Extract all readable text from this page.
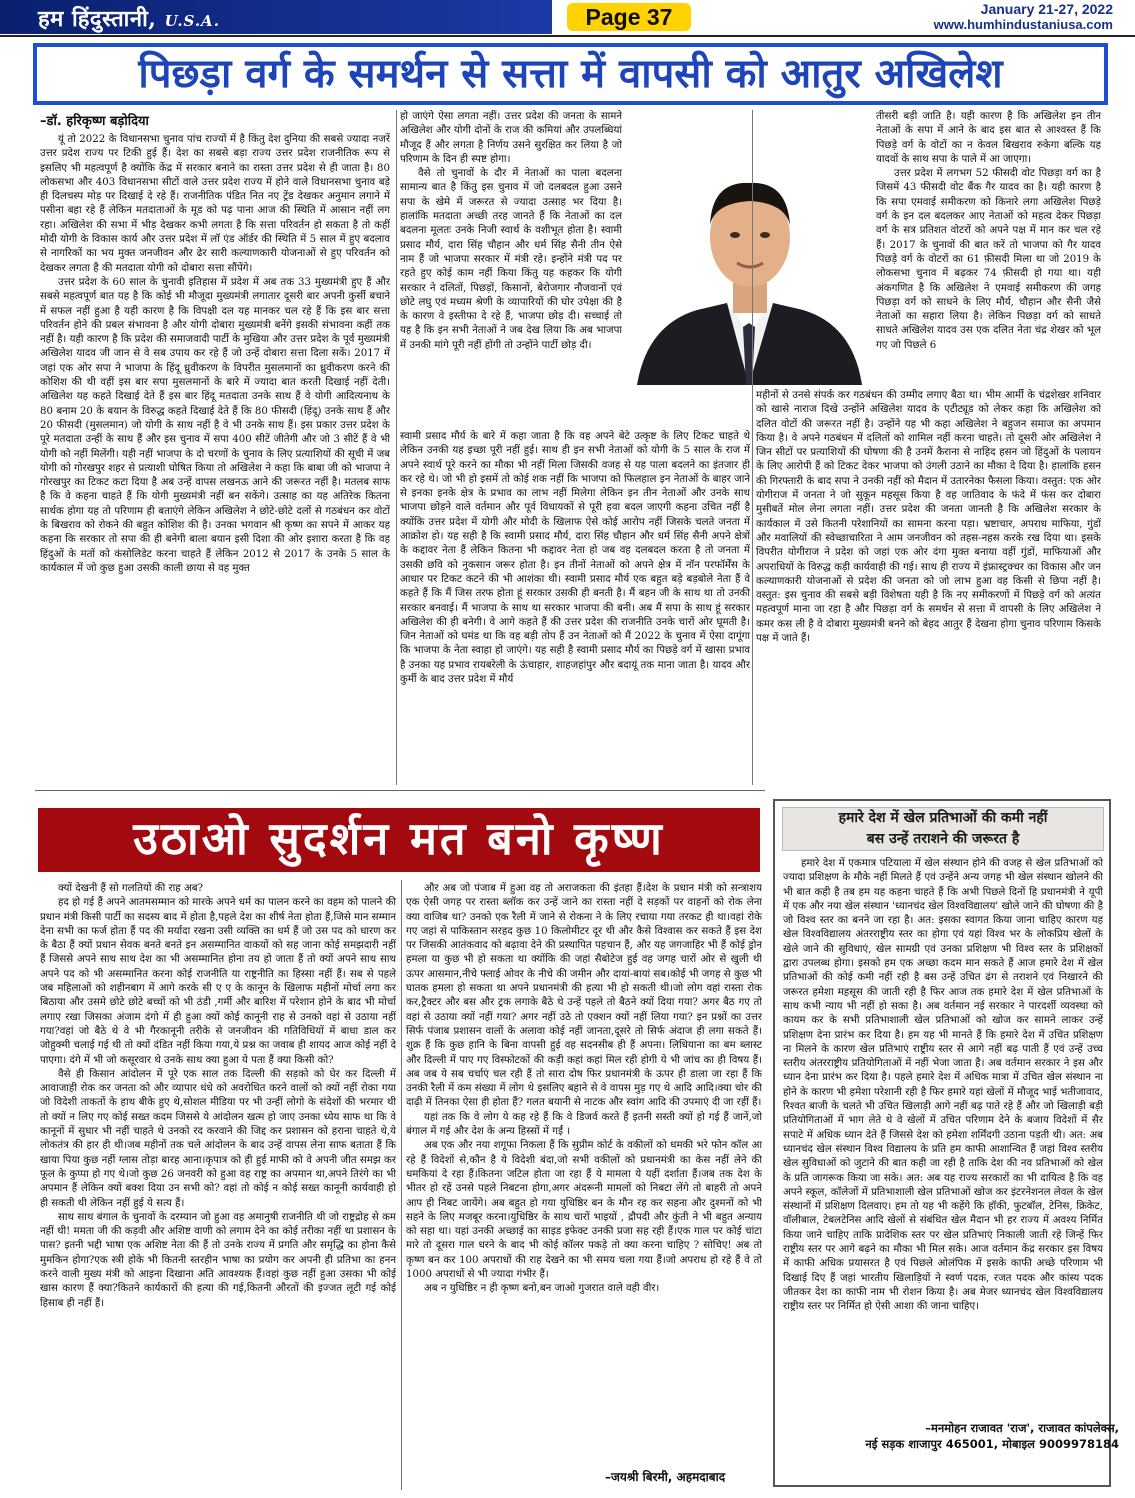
हम हिंदुस्तानी, U.S.A.	Page 37	January 21-27, 2022
www.humhindustaniusa.com
पिछड़ा वर्ग के समर्थन से सत्ता में वापसी को आतुर अखिलेश
–डॉ. हरिकृष्ण बड़ोदिया

यूं तो 2022 के विधानसभा चुनाव पांच राज्यों में है किंतु देश दुनिया की सबसे ज्यादा नजरें उत्तर प्रदेश राज्य पर टिकी हुई हैं। देश का सबसे बड़ा राज्य उत्तर प्रदेश राजनीतिक रूप से इसलिए भी महत्वपूर्ण है क्योंकि केंद्र में सरकार बनाने का रास्ता उत्तर प्रदेश से ही जाता है। 80 लोकसभा और 403 विधानसभा सीटों वाले उत्तर प्रदेश राज्य में होने वाले विधानसभा चुनाव बड़े ही दिलचस्प मोड़ पर दिखाई दे रहे हैं। राजनीतिक पंडित नित नए ट्रेंड देखकर अनुमान लगाने में पसीना बहा रहे हैं लेकिन मतदाताओं के मूड को पढ़ पाना आज की स्थिति में आसान नहीं लग रहा। अखिलेश की सभा में भीड़ देखकर कभी लगता है कि सत्ता परिवर्तन हो सकता है तो कहीं मोदी योगी के विकास कार्य और उत्तर प्रदेश में लॉ एंड ऑर्डर की स्थिति में 5 साल में हुए बदलाव से नागरिकों का भय मुक्त जनजीवन और ढेर सारी कल्याणकारी योजनाओं से हुए परिवर्तन को देखकर लगता है की मतदाता योगी को दोबारा सत्ता सौंपेंगे।

उत्तर प्रदेश के 60 साल के चुनावी इतिहास में प्रदेश में अब तक 33 मुख्यमंत्री हुए हैं और सबसे महत्वपूर्ण बात यह है कि कोई भी मौजूदा मुख्यमंत्री लगातार दूसरी बार अपनी कुर्सी बचाने में सफल नहीं हुआ है यही कारण है कि विपक्षी दल यह मानकर चल रहे हैं कि इस बार सत्ता परिवर्तन होने की प्रबल संभावना है और योगी दोबारा मुख्यमंत्री बनेंगे इसकी संभावना कहीं तक नहीं है। यही कारण है कि प्रदेश की समाजवादी पार्टी के मुखिया और उत्तर प्रदेश के पूर्व मुख्यमंत्री अखिलेश यादव जी जान से वे सब उपाय कर रहे हैं जो उन्हें दोबारा सत्ता दिला सकें। 2017 में जहां एक ओर सपा ने भाजपा के हिंदू ध्रुवीकरण के विपरीत मुसलमानों का ध्रुवीकरण करने की कोशिश की थी वहीं इस बार सपा मुसलमानों के बारे में ज्यादा बात करती दिखाई नहीं देती। अखिलेश यह कहते दिखाई देते हैं इस बार हिंदू मतदाता उनके साथ हैं वे योगी आदित्यनाथ के 80 बनाम 20 के बयान के विरुद्ध कहते दिखाई देते हैं कि 80 फीसदी (हिंदू) उनके साथ हैं और 20 फीसदी (मुसलमान) जो योगी के साथ नहीं है वे भी उनके साथ हैं। इस प्रकार उत्तर प्रदेश के पूरे मतदाता उन्हीं के साथ हैं और इस चुनाव में सपा 400 सीटें जीतेगी और जो 3 सीटें हैं वे भी योगी को नहीं मिलेंगी। यही नहीं भाजपा के दो चरणों के चुनाव के लिए प्रत्याशियों की सूची में जब योगी को गोरखपुर शहर से प्रत्याशी घोषित किया तो अखिलेश ने कहा कि बाबा जी को भाजपा ने गोरखपुर का टिकट कटा दिया है अब उन्हें वापस लखनऊ आने की जरूरत नहीं है। मतलब साफ है कि वे कहना चाहते हैं कि योगी मुख्यमंत्री नहीं बन सकेंगे। उत्साह का यह अतिरेक कितना सार्थक होगा यह तो परिणाम ही बताएंगे लेकिन अखिलेश ने छोटे-छोटे दलों से गठबंधन कर वोटों के बिखराव को रोकने की बहुत कोशिश की है। उनका भगवान श्री कृष्ण का सपने में आकर यह कहना कि सरकार तो सपा की ही बनेगी बाला बयान इसी दिशा की ओर इशारा करता है कि वह हिंदुओं के मतों को कंसोलिडेट करना चाहते हैं लेकिन 2012 से 2017 के उनके 5 साल के कार्यकाल में जो कुछ हुआ उसकी काली छाया से वह मुक्त

हो जाएंगे ऐसा लगता नहीं। उत्तर प्रदेश की जनता के सामने अखिलेश और योगी दोनों के राज की कमियां और उपलब्धियां मौजूद हैं और लगता है निर्णय उसने सुरक्षित कर लिया है जो परिणाम के दिन ही स्पष्ट होगा।

वैसे तो चुनावों के दौर में नेताओं का पाला बदलना सामान्य बात है किंतु इस चुनाव में जो दलबदल हुआ उसने सपा के खेमे में जरूरत से ज्यादा उत्साह भर दिया है। हालांकि मतदाता अच्छी तरह जानते हैं कि नेताओं का दल बदलना मूलतः उनके निजी स्वार्थ के वशीभूत होता है। स्वामी प्रसाद मौर्य, दारा सिंह चौहान और धर्म सिंह सैनी तीन ऐसे नाम हैं जो भाजपा सरकार में मंत्री रहे। इन्होंने मंत्री पद पर रहते हुए कोई काम नहीं किया किंतु यह कहकर कि योगी सरकार ने दलितों, पिछड़ों, किसानों, बेरोजगार नौजवानों एवं छोटे लघु एवं मध्यम श्रेणी के व्यापारियों की घोर उपेक्षा की है के कारण वे इस्तीफा दे रहे हैं, भाजपा छोड़ दी। सच्चाई तो यह है कि इन सभी नेताओं ने जब देख लिया कि अब भाजपा में उनकी मांगे पूरी नहीं होंगी तो उन्होंने पार्टी छोड़ दी।

स्वामी प्रसाद मौर्य के बारे में कहा जाता है कि वह अपने बेटे उत्कृष्ट के लिए टिकट चाहते थे लेकिन उनकी यह इच्छा पूरी नहीं हुई। साथ ही इन सभी नेताओं को योगी के 5 साल के राज में अपने स्वार्थ पूरे करने का मौका भी नहीं मिला जिसकी वजह से यह पाला बदलने का इंतजार ही कर रहे थे। जो भी हो इसमें तो कोई शक नहीं कि भाजपा को फिलहाल इन नेताओं के बाहर जाने से इनका इनके क्षेत्र के प्रभाव का लाभ नहीं मिलेगा लेकिन इन तीन नेताओं और उनके साथ भाजपा छोड़ने वाले वर्तमान और पूर्व विधायकों से पूरी हवा बदल जाएगी कहना उचित नहीं है क्योंकि उत्तर प्रदेश में योगी और मोदी के खिलाफ ऐसे कोई आरोप नहीं जिसके चलते जनता में आक्रोश हो। यह सही है कि स्वामी प्रसाद मौर्य, दारा सिंह चौहान और धर्म सिंह सैनी अपने क्षेत्रों के कद्दावर नेता हैं लेकिन कितना भी कद्दावर नेता हो जब वह दलबदल करता है तो जनता में उसकी छवि को नुकसान जरूर होता है। इन तीनों नेताओं को अपने क्षेत्र में नॉन परफॉर्मेंस के आधार पर टिकट कटने की भी आशंका थी। स्वामी प्रसाद मौर्य एक बहुत बड़े बड़बोले नेता हैं वे कहते हैं कि मैं जिस तरफ होता हूं सरकार उसकी ही बनती है। मैं बहन जी के साथ था तो उनकी सरकार बनवाई। मैं भाजपा के साथ था सरकार भाजपा की बनी। अब मैं सपा के साथ हूं सरकार अखिलेश की ही बनेगी। वे आगे कहते हैं की उत्तर प्रदेश की राजनीति उनके चारों ओर घूमती है। जिन नेताओं को घमंड था कि वह बड़ी तोप हैं उन नेताओं को मैं 2022 के चुनाव में ऐसा दागूंगा कि भाजपा के नेता स्वाहा हो जाएंगे। यह सही है स्वामी प्रसाद मौर्य का पिछड़े वर्ग में खासा प्रभाव है उनका यह प्रभाव रायबरेली के ऊंचाहार, शाहजहांपुर और बदायूं तक माना जाता है। यादव और कुर्मी के बाद उत्तर प्रदेश में मौर्य

तीसरी बड़ी जाति है। यही कारण है कि अखिलेश इन तीन नेताओं के सपा में आने के बाद इस बात से आश्वस्त हैं कि पिछड़े वर्ग के वोटों का न केवल बिखराव रुकेगा बल्कि यह यादवों के साथ सपा के पाले में आ जाएगा।

उत्तर प्रदेश में लगभग 52 फीसदी वोट पिछड़ा वर्ग का है जिसमें 43 फीसदी वोट बैंक गैर यादव का है। यही कारण है कि सपा एमवाई समीकरण को किनारे लगा अखिलेश पिछड़े वर्ग के इन दल बदलकर आए नेताओं को महत्व देकर पिछड़ा वर्ग के सत्र प्रतिशत वोटरों को अपने पक्ष में मान कर चल रहे हैं। 2017 के चुनावों की बात करें तो भाजपा को गैर यादव पिछड़े वर्ग के वोटरों का 61 फ़ीसदी मिला था जो 2019 के लोकसभा चुनाव में बढ़कर 74 फ़ीसदी हो गया था। यही अंकगणित है कि अखिलेश ने एमवाई समीकरण की जगह पिछड़ा वर्ग को साधने के लिए मौर्य, चौहान और सैनी जैसे नेताओं का सहारा लिया है। लेकिन पिछड़ा वर्ग को साधते साधते अखिलेश यादव उस एक दलित नेता चंद्र शेखर को भूल गए जो पिछले 6

महीनों से उनसे संपर्क कर गठबंधन की उम्मीद लगाए बैठा था। भीम आर्मी के चंद्रशेखर शनिवार को खासे नाराज दिखे उन्होंने अखिलेश यादव के एटीट्यूड को लेकर कहा कि अखिलेश को दलित वोटों की जरूरत नहीं है। उन्होंने यह भी कहा अखिलेश ने बहुजन समाज का अपमान किया है। वे अपने गठबंधन में दलितों को शामिल नहीं करना चाहते। तो दूसरी ओर अखिलेश ने जिन सीटों पर प्रत्याशियों की घोषणा की है उनमें कैराना से नाहिद हसन जो हिंदुओं के पलायन के लिए आरोपी हैं को टिकट देकर भाजपा को उंगली उठाने का मौका दे दिया है। हालांकि हसन की गिरफ्तारी के बाद सपा ने उनकी नहीं को मैदान में उतारनेका फैसला किया। वस्तुत: एक ओर योगीराज में जनता ने जो सुकून महसूस किया है वह जातिवाद के फंदे में फंस कर दोबारा मुसीबतें मोल लेना लगता नहीं। उत्तर प्रदेश की जनता जानती है कि अखिलेश सरकार के कार्यकाल में उसे कितनी परेशानियों का सामना करना पड़ा। भ्रष्टाचार, अपराध माफिया, गुंडों और मवालियों की स्वेच्छाचारिता ने आम जनजीवन को तहस-नहस करके रख दिया था। इसके विपरीत योगीराज ने प्रदेश को जहां एक ओर दंगा मुक्त बनाया वहीं गुंडों, माफियाओं और अपराधियों के विरुद्ध कड़ी कार्यवाही की गई। साथ ही राज्य में इंफ्रास्ट्रक्चर का विकास और जन कल्याणकारी योजनाओं से प्रदेश की जनता को जो लाभ हुआ वह किसी से छिपा नहीं है। वस्तुत: इस चुनाव की सबसे बड़ी विशेषता यही है कि नए समीकरणों में पिछड़े वर्ग को अत्यंत महत्वपूर्ण माना जा रहा है और पिछड़ा वर्ग के समर्थन से सत्ता में वापसी के लिए अखिलेश ने कमर कस ली है वे दोबारा मुख्यमंत्री बनने को बेहद आतुर हैं देखना होगा चुनाव परिणाम किसके पक्ष में जाते हैं।

उठाओ सुदर्शन मत बनो कृष्ण

क्यों देखनी हैं सो गलतियों की राह अब?

हद हो गई हैं अपने आतमसम्मान को मारके अपने धर्म का पालन करने का वहम को पालने की प्रधान मंत्री किसी पार्टी का सदस्य बाद में होता है,पहले देश का शीर्ष नेता होता हैं,जिसे मान सम्मान देना सभी का फर्ज होता हैं पद की मर्यादा रखना उसी व्यक्ति का धर्म हैं जो उस पद को धारण कर के बैठा हैं क्यों प्रधान सेवक बनते बनते इन असम्मानित वाकयों को सह जाना कोई समझदारी नहीं हैं जिससे अपने साथ साथ देश का भी असम्मानित होना तय हो जाता हैं तो क्यों अपने साथ साथ अपने पद को भी असम्मानित करना कोई राजनीति या राष्ट्रनीति का हिस्सा नहीं हैं। सब से पहले जब महिलाओं को शहीनबाग में आगे करके सी ए ए के कानून के खिलाफ महीनों मोर्चा लगा कर बिठाया और उसमे छोटे छोटे बच्चों को भी ठंडी ,गर्मी और बारिश में परेशान होने के बाद भी मोर्चा लगाए रखा जिसका अंजाम दंगो में ही हुआ क्यों कोई कानूनी राह से उनको वहां से उठाया नहीं गया?वहां जो बैठे थे वे भी गैरकानूनी तरीके से जनजीवन की गतिविधियों में बाधा डाल कर जोहुक्मी चलाई गई थी तो क्यों दंडित नहीं किया गया,ये प्रश्न का जवाब ही शायद आज कोई नहीं दे पाएगा। दंगे में भी जो कसूरवार थे उनके साथ क्या हुआ ये पता हैं क्या किसी को?

वैसे ही किसान आंदोलन में पूरे एक साल तक दिल्ली की सड़को को घेर कर दिल्ली में आवाजाही रोक कर जनता को और व्यापार धंधे को अवरोधित करने वालों को क्यों नहीं रोका गया जो विदेशी ताकतों के हाथ बीके हुए थे,सोशल मीडिया पर भी उन्हीं लोगो के संदेशों की भरमार थी तो क्यों न लिए गए कोई सख्त कदम जिससे ये आंदोलन खत्म हो जाए उनका ध्येय साफ था कि वे कानूनों में सुधार भी नहीं चाहते थे उनको रद करवाने की जिद्द कर प्रशासन को हराना चाहते थे,ये लोकतंत्र की हार ही थी।जब महीनों तक चले आंदोलन के बाद उन्हें वापस लेना साफ बताता हैं कि खाया पिया कुछ नहीं ग्लास तोड़ा बारह आना।कृपात्र को ही हुई माफी को वे अपनी जीत समझ कर फूल के कुप्पा हो गए थे।जो कुछ 26 जनवरी को हुआ वह राष्ट्र का अपमान था,अपने तिरंगे का भी अपमान हैं लेकिन क्यों बक्श दिया उन सभी को? वहां तो कोई न कोई सख्त कानूनी कार्यवाही हो ही सकती थी लेकिन नहीं हुई ये सत्य हैं।

साथ साथ बंगाल के चुनावों के दरम्यान जो हुआ वह अमानुषी राजनीति थी जो राष्ट्रद्रोह से कम नहीं थी! ममता जी की कड़वी और अशिष्ट वाणी को लगाम देने का कोई तरीका नहीं था प्रशासन के पास? इतनी भद्दी भाषा एक अशिष्ट नेता की हैं तो उनके राज्य में प्रगति और समृद्धि का होना कैसे मुमकिन होगा?एक स्त्री होके भी कितनी स्तरहीन भाषा का प्रयोग कर अपनी ही प्रतिभा का हनन करने वाली मुख्य मंत्री को आइना दिखाना अति आवश्यक हैं।वहां कुछ नहीं हुआ उसका भी कोई खास कारण हैं क्या?कितने कार्यकारों की हत्या की गई,कितनी औरतों की इज्जत लूटी गई कोई हिसाब ही नहीं हैं।

और अब जो पंजाब में हुआ वह तो अराजकता की इंतहा हैं।देश के प्रधान मंत्री को सन्त्राशय एक ऐसी जगह पर रास्ता ब्लॉक कर उन्हें जाने का रास्ता नहीं दे सड़कों पर वाहनों को रोक लेना क्या वाजिब था? उनको एक रैली में जाने से रोकना ने के लिए रचाया गया तरकट ही था।वहां रोके गए जहां से पाकिस्तान सरहद कुछ 10 किलोमीटर दूर थी और कैसे विश्वास कर सकते हैं इस देश पर जिसकी आतंकवाद को बढ़ावा देने की प्रस्थापित पहचान हैं, और यह जगजाहिर भी हैं कोई ड्रोन हमला या कुछ भी हो सकता था क्योंकि की जहां सैबोटेज हुई वह जगह चारों ओर से खुली थी ऊपर आसमान,नीचे फ्लाई ओवर के नीचे की जमीन और दायां-बायां सब।कोई भी जगह से कुछ भी घातक हमला हो सकता था अपने प्रधानमंत्री की हत्या भी हो सकती थी।जो लोग वहां रास्ता रोक कर,ट्रैक्टर और बस और ट्रक लगाके बैठे थे उन्हें पहले तो बैठने क्यों दिया गया? अगर बैठ गए तो वहां से उठाया क्यों नहीं गया? अगर नहीं उठे तो एक्शन क्यों नहीं लिया गया? इन प्रश्नों का उत्तर सिर्फ पंजाब प्रशासन वालों के अलावा कोई नहीं जानता,दूसरे तो सिर्फ अंदाज ही लगा सकते हैं।शुक्र हैं कि कुछ हानि के बिना वापसी हुई वह सदनसीब ही हैं अपना। लिधियाना का बम ब्लास्ट और दिल्ली में पाए गए विस्फोटकों की कड़ी कहां कहां मिल रही होगी ये भी जांच का ही विषय हैं। अब जब ये सब चर्चाएं चल रही हैं तो सारा दोष फिर प्रधानमंत्री के ऊपर ही डाला जा रहा हैं कि उनकी रैली में कम संख्या में लोग थे इसलिए बहाने से वे वापस मुड़ गए थे आदि आदि।क्या चोर की दाढ़ी में तिनका ऐसा ही होता हैं? गलत बयानी से नाटक और स्वांग आदि की उपमाएं दी जा रहीं हैं।

यहां तक कि वे लोग ये कह रहे हैं कि वे डिजर्व करते हैं इतनी सस्ती क्यों हो गई हैं जानें,जो बंगाल में गई और देश के अन्य हिस्सों में गईं ।

अब एक और नया शगूफा निकला हैं कि सुप्रीम कोर्ट के वकीलों को धमकी भरे फोन कॉल आ रहे हैं विदेशों से,कौन है ये विदेशी बंदा,जो सभी वकीलों को प्रधानमंत्री का केस नहीं लेने की धमकियां दे रहा हैं।कितना जटिल होता जा रहा हैं ये मामला ये यहीं दर्शाता हैं।जब तक देश के भीतर हो रहें उनसे पहले निबटना होगा,अगर अंदरूनी मामलों को निबटा लेंगे तो बाहरी तो अपने आप ही निबट जायेंगे। अब बहुत हो गया युधिष्ठिर बन के मौन रह कर सहना और दुश्मनों को भी सहने के लिए मजबूर करना।युधिष्ठिर के साथ चारों भाइयों , द्रौपदी और कुंती ने भी बहुत अन्याय को सहा था। यहां उनकी अच्छाई का साइड इफेक्ट उनकी प्रजा सह रही हैं।एक गाल पर कोई चांटा मारे तो दूसरा गाल धरने के बाद भी कोई कॉलर पकड़े तो क्या करना चाहिए ? सोचिए! अब तो कृष्ण बन कर 100 अपराधों की राह देखने का भी समय चला गया हैं।जो अपराध हो रहे हैं वे तो 1000 अपराधों से भी ज्यादा गंभीर हैं।

अब न युधिष्ठिर न ही कृष्ण बनो,बन जाओ गुजरात वाले वही वीर।

–जयश्री बिरमी, अहमदाबाद
हमारे देश में खेल प्रतिभाओं की कमी नहीं
बस उन्हें तराशने की जरूरत है

हमारे देश में एकमात्र पटियाला में खेल संस्थान होने की वजह से खेल प्रतिभाओं को ज्यादा प्रशिक्षण के मौके नहीं मिलते हैं एवं उन्हेंने अन्य जगह भी खेल संस्थान खोलने की भी बात कही है तब हम यह कहना चाहते हैं कि अभी पिछले दिनों हि प्रधानमंत्री ने यूपी में एक और नया खेल संस्थान 'ध्यानचंद खेल विश्वविद्यालय' खोले जाने की घोषणा की है जो विश्व स्तर का बनने जा रहा है। अत: इसका स्वागत किया जाना चाहिए कारण यह खेल विश्वविद्यालय अंतरराष्ट्रीय स्तर का होगा एवं यहां विश्व भर के लोकप्रिय खेलों के खेले जाने की सुविधाएं, खेल सामग्री एवं उनका प्रशिक्षण भी विश्व स्तर के प्रशिक्षकों द्वारा उपलब्ध होगा। इसको हम एक अच्छा कदम मान सकते हैं आज हमारे देश में खेल प्रतिभाओं की कोई कमी नहीं रही है बस उन्हें उचित ढंग से तराशने एवं निखारने की जरूरत हमेशा महसूस की जाती रही है फिर आज तक हमारे देश में खेल प्रतिभाओं के साथ कभी न्याय भी नहीं हो सका है। अब वर्तमान नई सरकार ने पारदर्शी व्यवस्था को कायम कर के सभी प्रतिभाशाली खेल प्रतिभाओं को खोज कर सामने लाकर उन्हें प्रशिक्षण देना प्रारंभ कर दिया है। हम यह भी मानते हैं कि हमारे देश में उचित प्रशिक्षण ना मिलने के कारण खेल प्रतिभाएं राष्ट्रीय स्तर से आगे नहीं बढ़ पाती हैं एवं उन्हें उच्च स्तरीय अंतरराष्ट्रीय प्रतियोगिताओं में नहीं भेजा जाता है। अब वर्तमान सरकार ने इस और ध्यान देना प्रारंभ कर दिया है। पहले हमारे देश में अधिक मात्रा में उचित खेल संस्थान ना होने के कारण भी हमेशा परेशानी रही है फिर हमारे यहां खेलों में मौजूद भाई भतीजावाद, रिश्वत बाजी के चलते भी उचित खिलाड़ी आगे नहीं बढ़ पाते रहे हैं और जो खिलाड़ी बड़ी प्रतियोगिताओं में भाग लेते थे वे खेलों में उचित परिणाम देने के बजाय विदेशों में सैर सपाटे में अधिक ध्यान देते हैं जिससे देश को हमेशा शर्मिंदगी उठाना पड़ती थी। अत: अब ध्यानचंद खेल संस्थान विश्व विद्यालय के प्रति हम काफी आशान्वित हैं जहां विश्व स्तरीय खेल सुविधाओं को जुटाने की बात कही जा रही है ताकि देश की नव प्रतिभाओं को खेल के प्रति जागरूक किया जा सके। अत: अब यह राज्य सरकारों का भी दायित्व है कि वह अपने स्कूल, कॉलेजों में प्रतिभाशाली खेल प्रतिभाओं खोज कर इंटरनेशनल लेवल के खेल संस्थानों में प्रशिक्षण दिलवाए। हम तो यह भी कहेंगे कि हॉकी, फुटबॉल, टेनिस, क्रिकेट, वॉलीबाल, टेबलटेनिस आदि खेलों से संबंधित खेल मैदान भी हर राज्य में अवश्य निर्मित किया जाने चाहिए ताकि प्रादेशिक स्तर पर खेल प्रतिभाएं निकाली जाती रहे जिन्हें फिर राष्ट्रीय स्तर पर आगे बढ़ने का मौका भी मिल सके। आज वर्तमान केंद्र सरकार इस विषय में काफी अधिक प्रयासरत है एवं पिछले ओलंपिक में इसके काफी अच्छे परिणाम भी दिखाई दिए हैं जहां भारतीय खिलाड़ियों ने स्वर्ण पदक, रजत पदक और कांस्य पदक जीतकर देश का काफी नाम भी रोशन किया है। अब मेजर ध्यानचंद खेल विश्वविद्यालय राष्ट्रीय स्तर पर निर्मित हो ऐसी आशा की जाना चाहिए।

–मनमोहन राजावत 'राज', राजावत कांपलेक्स,
नई सड़क शाजापुर 465001, मोबाइल 9009978184
